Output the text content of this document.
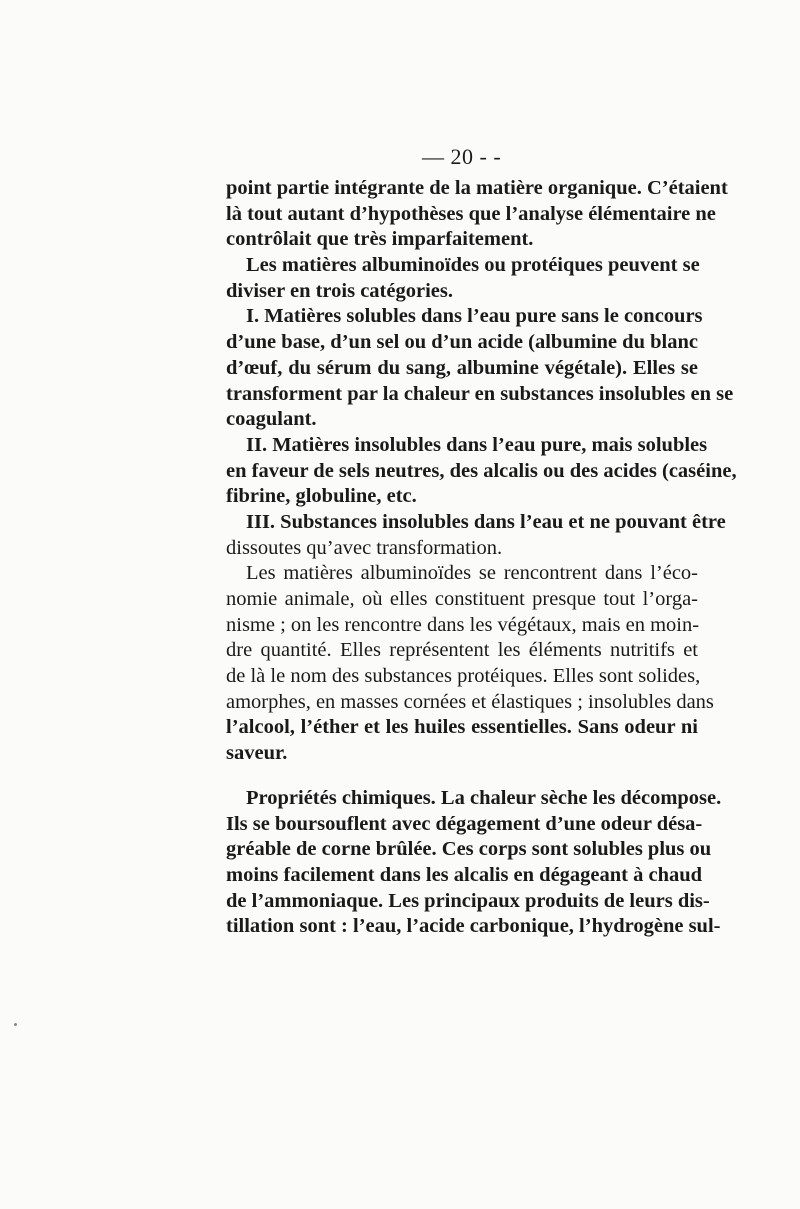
— 20 - -
point partie intégrante de la matière organique. C’étaient
là tout autant d’hypothèses que l’analyse élémentaire ne
contrôlait que très imparfaitement.
Les matières albuminoïdes ou protéiques peuvent se
diviser en trois catégories.
I. Matières solubles dans l’eau pure sans le concours
d’une base, d’un sel ou d’un acide (albumine du blanc
d’œuf, du sérum du sang, albumine végétale). Elles se
transforment par la chaleur en substances insolubles en se
coagulant.
II. Matières insolubles dans l’eau pure, mais solubles
en faveur de sels neutres, des alcalis ou des acides (caséine,
fibrine, globuline, etc.
III. Substances insolubles dans l’eau et ne pouvant être
dissoutes qu’avec transformation.
Les matières albuminoïdes se rencontrent dans l’éco-
nomie animale, où elles constituent presque tout l’orga-
nisme ; on les rencontre dans les végétaux, mais en moin-
dre quantité. Elles représentent les éléments nutritifs et
de là le nom des substances protéiques. Elles sont solides,
amorphes, en masses cornées et élastiques ; insolubles dans
l’alcool, l’éther et les huiles essentielles. Sans odeur ni
saveur.
Propriétés chimiques. La chaleur sèche les décompose.
Ils se boursouflent avec dégagement d’une odeur désa-
gréable de corne brûlée. Ces corps sont solubles plus ou
moins facilement dans les alcalis en dégageant à chaud
de l’ammoniaque. Les principaux produits de leurs dis-
tillation sont : l’eau, l’acide carbonique, l’hydrogène sul-
